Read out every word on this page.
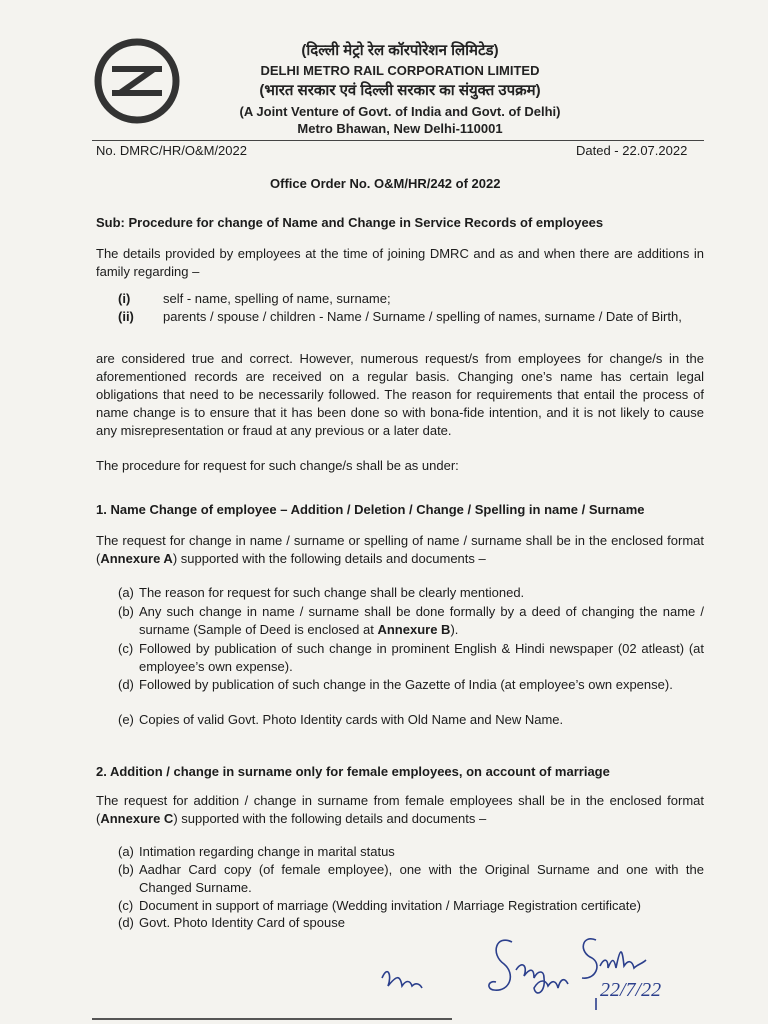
(दिल्ली मेट्रो रेल कॉरपोरेशन लिमिटेड)
DELHI METRO RAIL CORPORATION LIMITED
(भारत सरकार एवं दिल्ली सरकार का संयुक्त उपक्रम)
(A Joint Venture of Govt. of India and Govt. of Delhi)
Metro Bhawan, New Delhi-110001
No. DMRC/HR/O&M/2022	Dated - 22.07.2022
Office Order No. O&M/HR/242 of 2022
Sub: Procedure for change of Name and Change in Service Records of employees
The details provided by employees at the time of joining DMRC and as and when there are additions in family regarding –
(i)	self - name, spelling of name, surname;
(ii) parents / spouse / children - Name / Surname / spelling of names, surname / Date of Birth,
are considered true and correct. However, numerous request/s from employees for change/s in the aforementioned records are received on a regular basis. Changing one’s name has certain legal obligations that need to be necessarily followed. The reason for requirements that entail the process of name change is to ensure that it has been done so with bona-fide intention, and it is not likely to cause any misrepresentation or fraud at any previous or a later date.
The procedure for request for such change/s shall be as under:
1. Name Change of employee – Addition / Deletion / Change / Spelling in name / Surname
The request for change in name / surname or spelling of name / surname shall be in the enclosed format (Annexure A) supported with the following details and documents –
(a) The reason for request for such change shall be clearly mentioned.
(b) Any such change in name / surname shall be done formally by a deed of changing the name / surname (Sample of Deed is enclosed at Annexure B).
(c) Followed by publication of such change in prominent English & Hindi newspaper (02 atleast) (at employee’s own expense).
(d) Followed by publication of such change in the Gazette of India (at employee’s own expense).
(e) Copies of valid Govt. Photo Identity cards with Old Name and New Name.
2. Addition / change in surname only for female employees, on account of marriage
The request for addition / change in surname from female employees shall be in the enclosed format (Annexure C) supported with the following details and documents –
(a) Intimation regarding change in marital status
(b) Aadhar Card copy (of female employee), one with the Original Surname and one with the Changed Surname.
(c) Document in support of marriage (Wedding invitation / Marriage Registration certificate)
(d) Govt. Photo Identity Card of spouse
22/7/22
